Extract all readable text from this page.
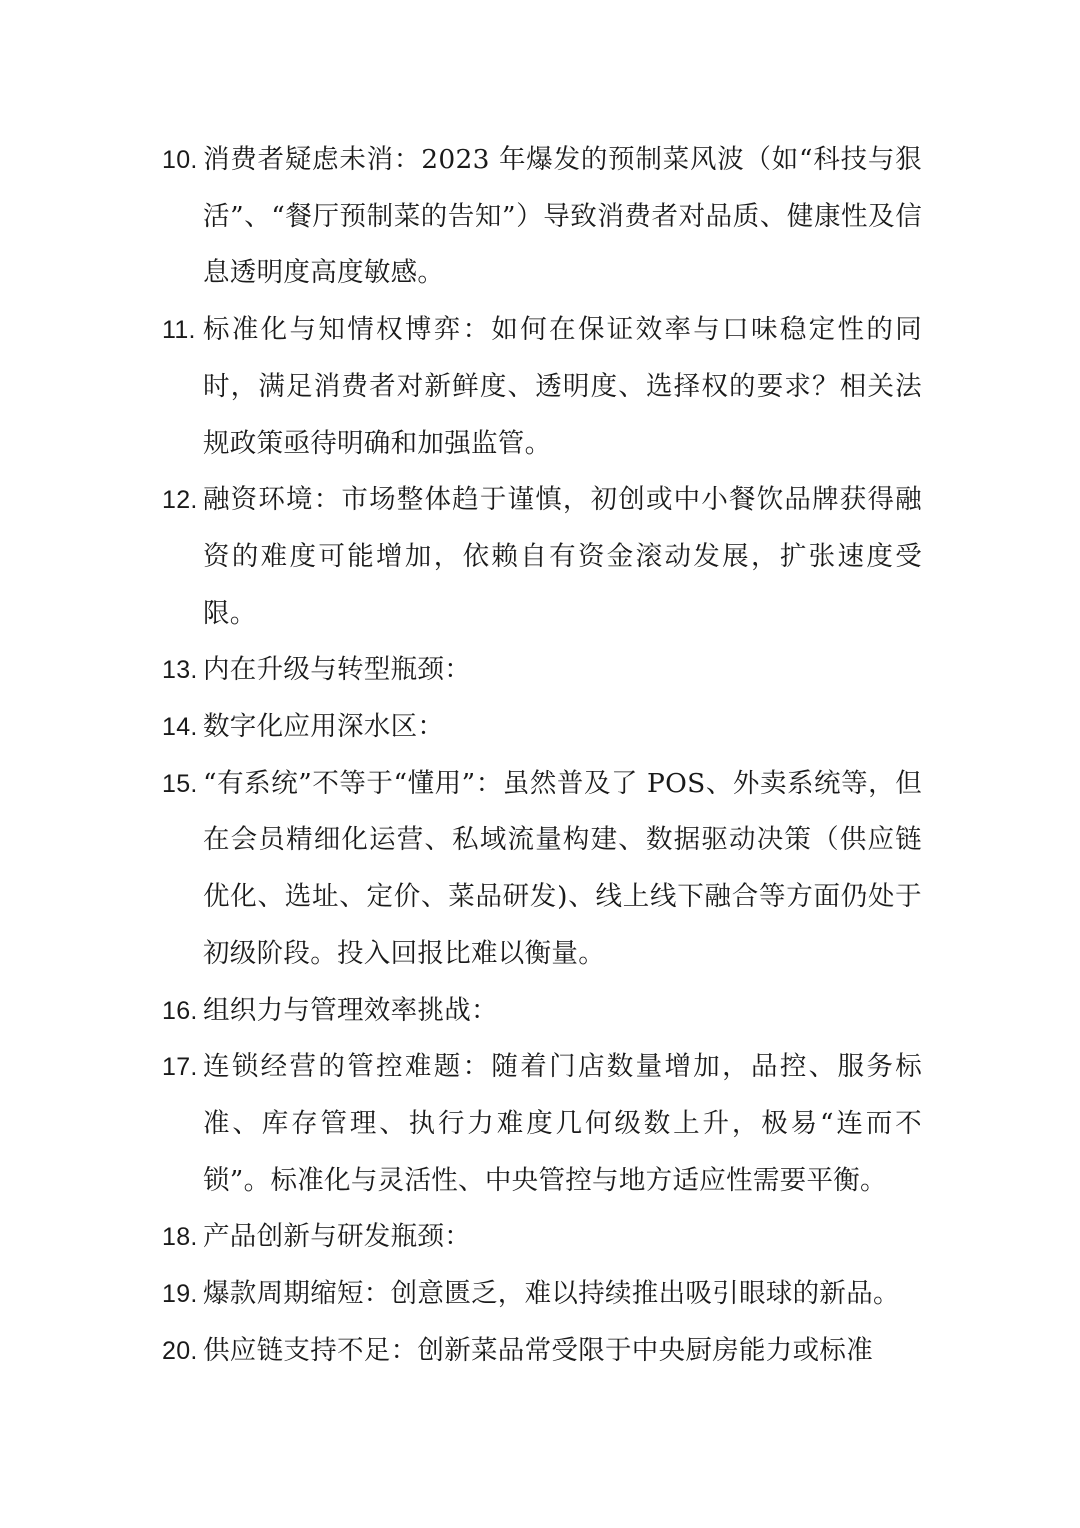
10. 消费者疑虑未消：2023 年爆发的预制菜风波（如“科技与狠活”、“餐厅预制菜的告知”）导致消费者对品质、健康性及信息透明度高度敏感。
11. 标准化与知情权博弈：如何在保证效率与口味稳定性的同时，满足消费者对新鲜度、透明度、选择权的要求？相关法规政策亟待明确和加强监管。
12. 融资环境：市场整体趋于谨慎，初创或中小餐饮品牌获得融资的难度可能增加，依赖自有资金滚动发展，扩张速度受限。
13. 内在升级与转型瓶颈：
14. 数字化应用深水区：
15. “有系统”不等于“懂用”：虽然普及了 POS、外卖系统等，但在会员精细化运营、私域流量构建、数据驱动决策（供应链优化、选址、定价、菜品研发)、线上线下融合等方面仍处于初级阶段。投入回报比难以衡量。
16. 组织力与管理效率挑战：
17. 连锁经营的管控难题：随着门店数量增加，品控、服务标准、库存管理、执行力难度几何级数上升，极易“连而不锁”。标准化与灵活性、中央管控与地方适应性需要平衡。
18. 产品创新与研发瓶颈：
19. 爆款周期缩短：创意匮乏，难以持续推出吸引眼球的新品。
20. 供应链支持不足：创新菜品常受限于中央厨房能力或标准
